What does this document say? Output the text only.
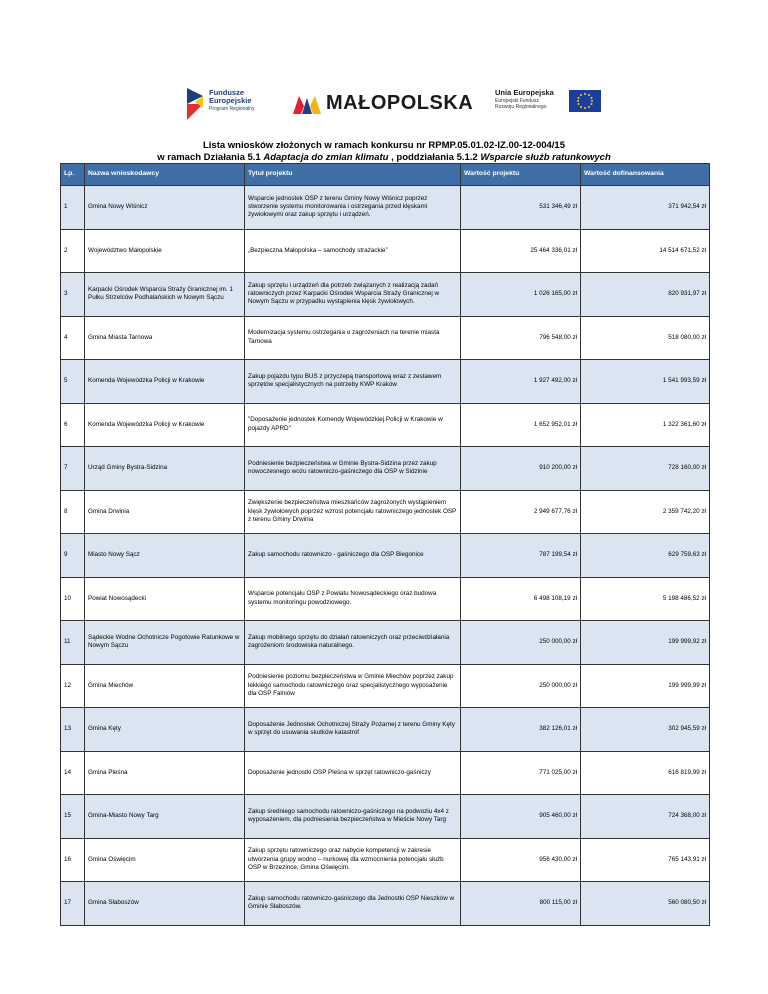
Fundusze
Europejskie
Program Regionalny	MAŁOPOLSKA	Unia Europejska
Europejski Fundusz
Rozwoju Regionalnego
Lista wniosków złożonych w ramach konkursu nr RPMP.05.01.02-IZ.00-12-004/15
w ramach Działania 5.1 Adaptacja do zmian klimatu , poddziałania 5.1.2 Wsparcie służb ratunkowych
Lp.	Nazwa wnioskodawcy	Tytuł projektu	Wartość projektu	Wartość dofinansowania
1	Gmina Nowy Wiśnicz	Wsparcie jednostek OSP z terenu Gminy Nowy Wiśnicz poprzez stworzenie systemu monitorowania i ostrzegania przed klęskami żywiołowymi oraz zakup sprzętu i urządzeń.	531 346,49 zł	371 942,54 zł
2	Województwo Małopolskie	„Bezpieczna Małopolska – samochody strażackie”	25 464 336,01 zł	14 514 671,52 zł
3	Karpacki Ośrodek Wsparcia Straży Granicznej im. 1 Pułku Strzelców Podhalańskich w Nowym Sączu	Zakup sprzętu i urządzeń dla potrzeb związanych z realizacją zadań ratowniczych przez Karpacki Ośrodek Wsparcia Straży Granicznej w Nowym Sączu w przypadku wystąpienia klęsk żywiołowych.	1 026 165,00 zł	820 931,97 zł
4	Gmina Miasta Tarnowa	Modernizacja systemu ostrzegania o zagrożeniach na terenie miasta Tarnowa	796 548,00 zł	518 080,00 zł
5	Komenda Wojewódzka Policji w Krakowie	Zakup pojazdu typu BUS z przyczepą transportową wraz z zestawem sprzętów specjalistycznych na potrzeby KWP Kraków	1 927 492,00 zł	1 541 993,59 zł
6	Komenda Wojewódzka Policji w Krakowie	"Doposażenie jednostek Komendy Wojewódzkiej Policji w Krakowie w pojazdy APRD"	1 652 952,01 zł	1 322 361,60 zł
7	Urząd Gminy Bystra-Sidzina	Podniesienie bezpieczeństwa w Gminie Bystra-Sidzina przez zakup nowoczesnego wozu ratowniczo-gaśniczego dla OSP w Sidzinie	910 200,00 zł	728 160,00 zł
8	Gmina Drwinia	Zwiększenie bezpieczeństwa mieszkańców zagrożonych wystąpieniem klęsk żywiołowych poprzez wzrost potencjału ratowniczego jednostek OSP z terenu Gminy Drwinia	2 949 677,76 zł	2 359 742,20 zł
9	Miasto Nowy Sącz	Zakup samochodu ratowniczo - gaśniczego dla OSP Biegonice	787 199,54 zł	629 759,63 zł
10	Powiat Nowosądecki	Wsparcie potencjału OSP z Powiatu Nowosądeckiego oraz budowa systemu monitoringu powodziowego.	6 498 108,19 zł	5 198 486,52 zł
11	Sądeckie Wodne Ochotnicze Pogotowie Ratunkowe w Nowym Sączu	Zakup mobilnego sprzętu do działań ratowniczych oraz przeciwdziałania zagrożeniom środowiska naturalnego.	250 000,00 zł	199 999,92 zł
12	Gmina Miechów	Podniesienie poziomu bezpieczeństwa w Gminie Miechów poprzez zakup lekkiego samochodu ratowniczego oraz specjalistycznego wyposażenie dla OSP Falniów	250 000,00 zł	199 999,99 zł
13	Gmina Kęty	Doposażenie Jednostek Ochotniczej Straży Pożarnej z terenu Gminy Kęty w sprzęt do usuwania skutków katastrof	382 126,01 zł	302 945,59 zł
14	Gmina Pleśna	Doposażenie jednostki OSP Pleśna w sprzęt ratowniczo-gaśniczy	771 025,00 zł	616 819,99 zł
15	Gmina-Miasto Nowy Targ	Zakup średniego samochodu ratowniczo-gaśniczego na podwoziu 4x4 z wyposażeniem, dla podniesienia bezpieczeństwa w Mieście Nowy Targ	905 460,00 zł	724 368,00 zł
16	Gmina Oświęcim	Zakup sprzętu ratowniczego oraz nabycie kompetencji w zakresie utworzenia grupy wodno – nurkowej dla wzmocnienia potencjału służb OSP w Brzezince, Gmina Oświęcim.	956 430,00 zł	765 143,91 zł
17	Gmina Słaboszów	Zakup samochodu ratowniczo-gaśniczego dla Jednostki OSP Nieszków w Gminie Słaboszów.	800 115,00 zł	560 080,50 zł
